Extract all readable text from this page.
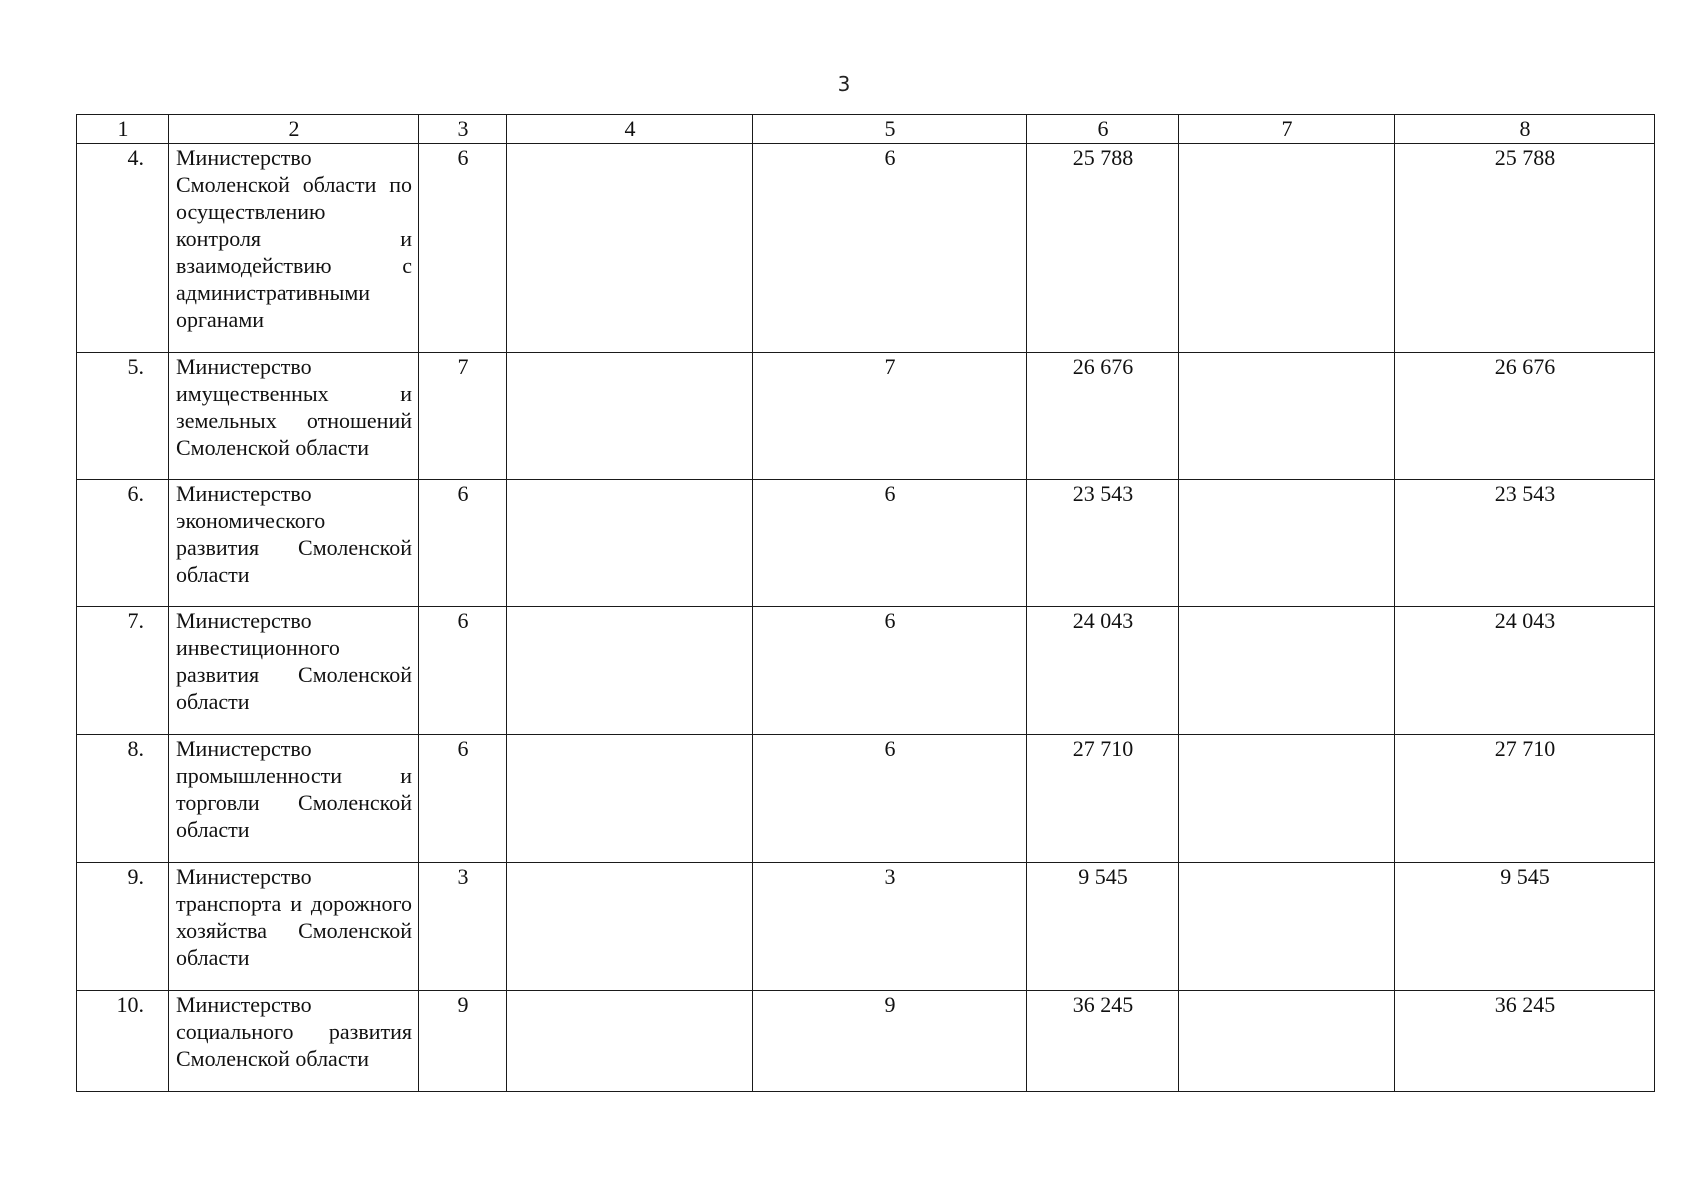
3
1	2	3	4	5	6	7	8
4.	Министерство Смоленской области по осуществлению контроля и взаимодействию с административными органами	6		6	25 788		25 788
5.	Министерство имущественных и земельных отношений Смоленской области	7		7	26 676		26 676
6.	Министерство экономического развития Смоленской области	6		6	23 543		23 543
7.	Министерство инвестиционного развития Смоленской области	6		6	24 043		24 043
8.	Министерство промышленности и торговли Смоленской области	6		6	27 710		27 710
9.	Министерство транспорта и дорожного хозяйства Смоленской области	3		3	9 545		9 545
10.	Министерство социального развития Смоленской области	9		9	36 245		36 245
